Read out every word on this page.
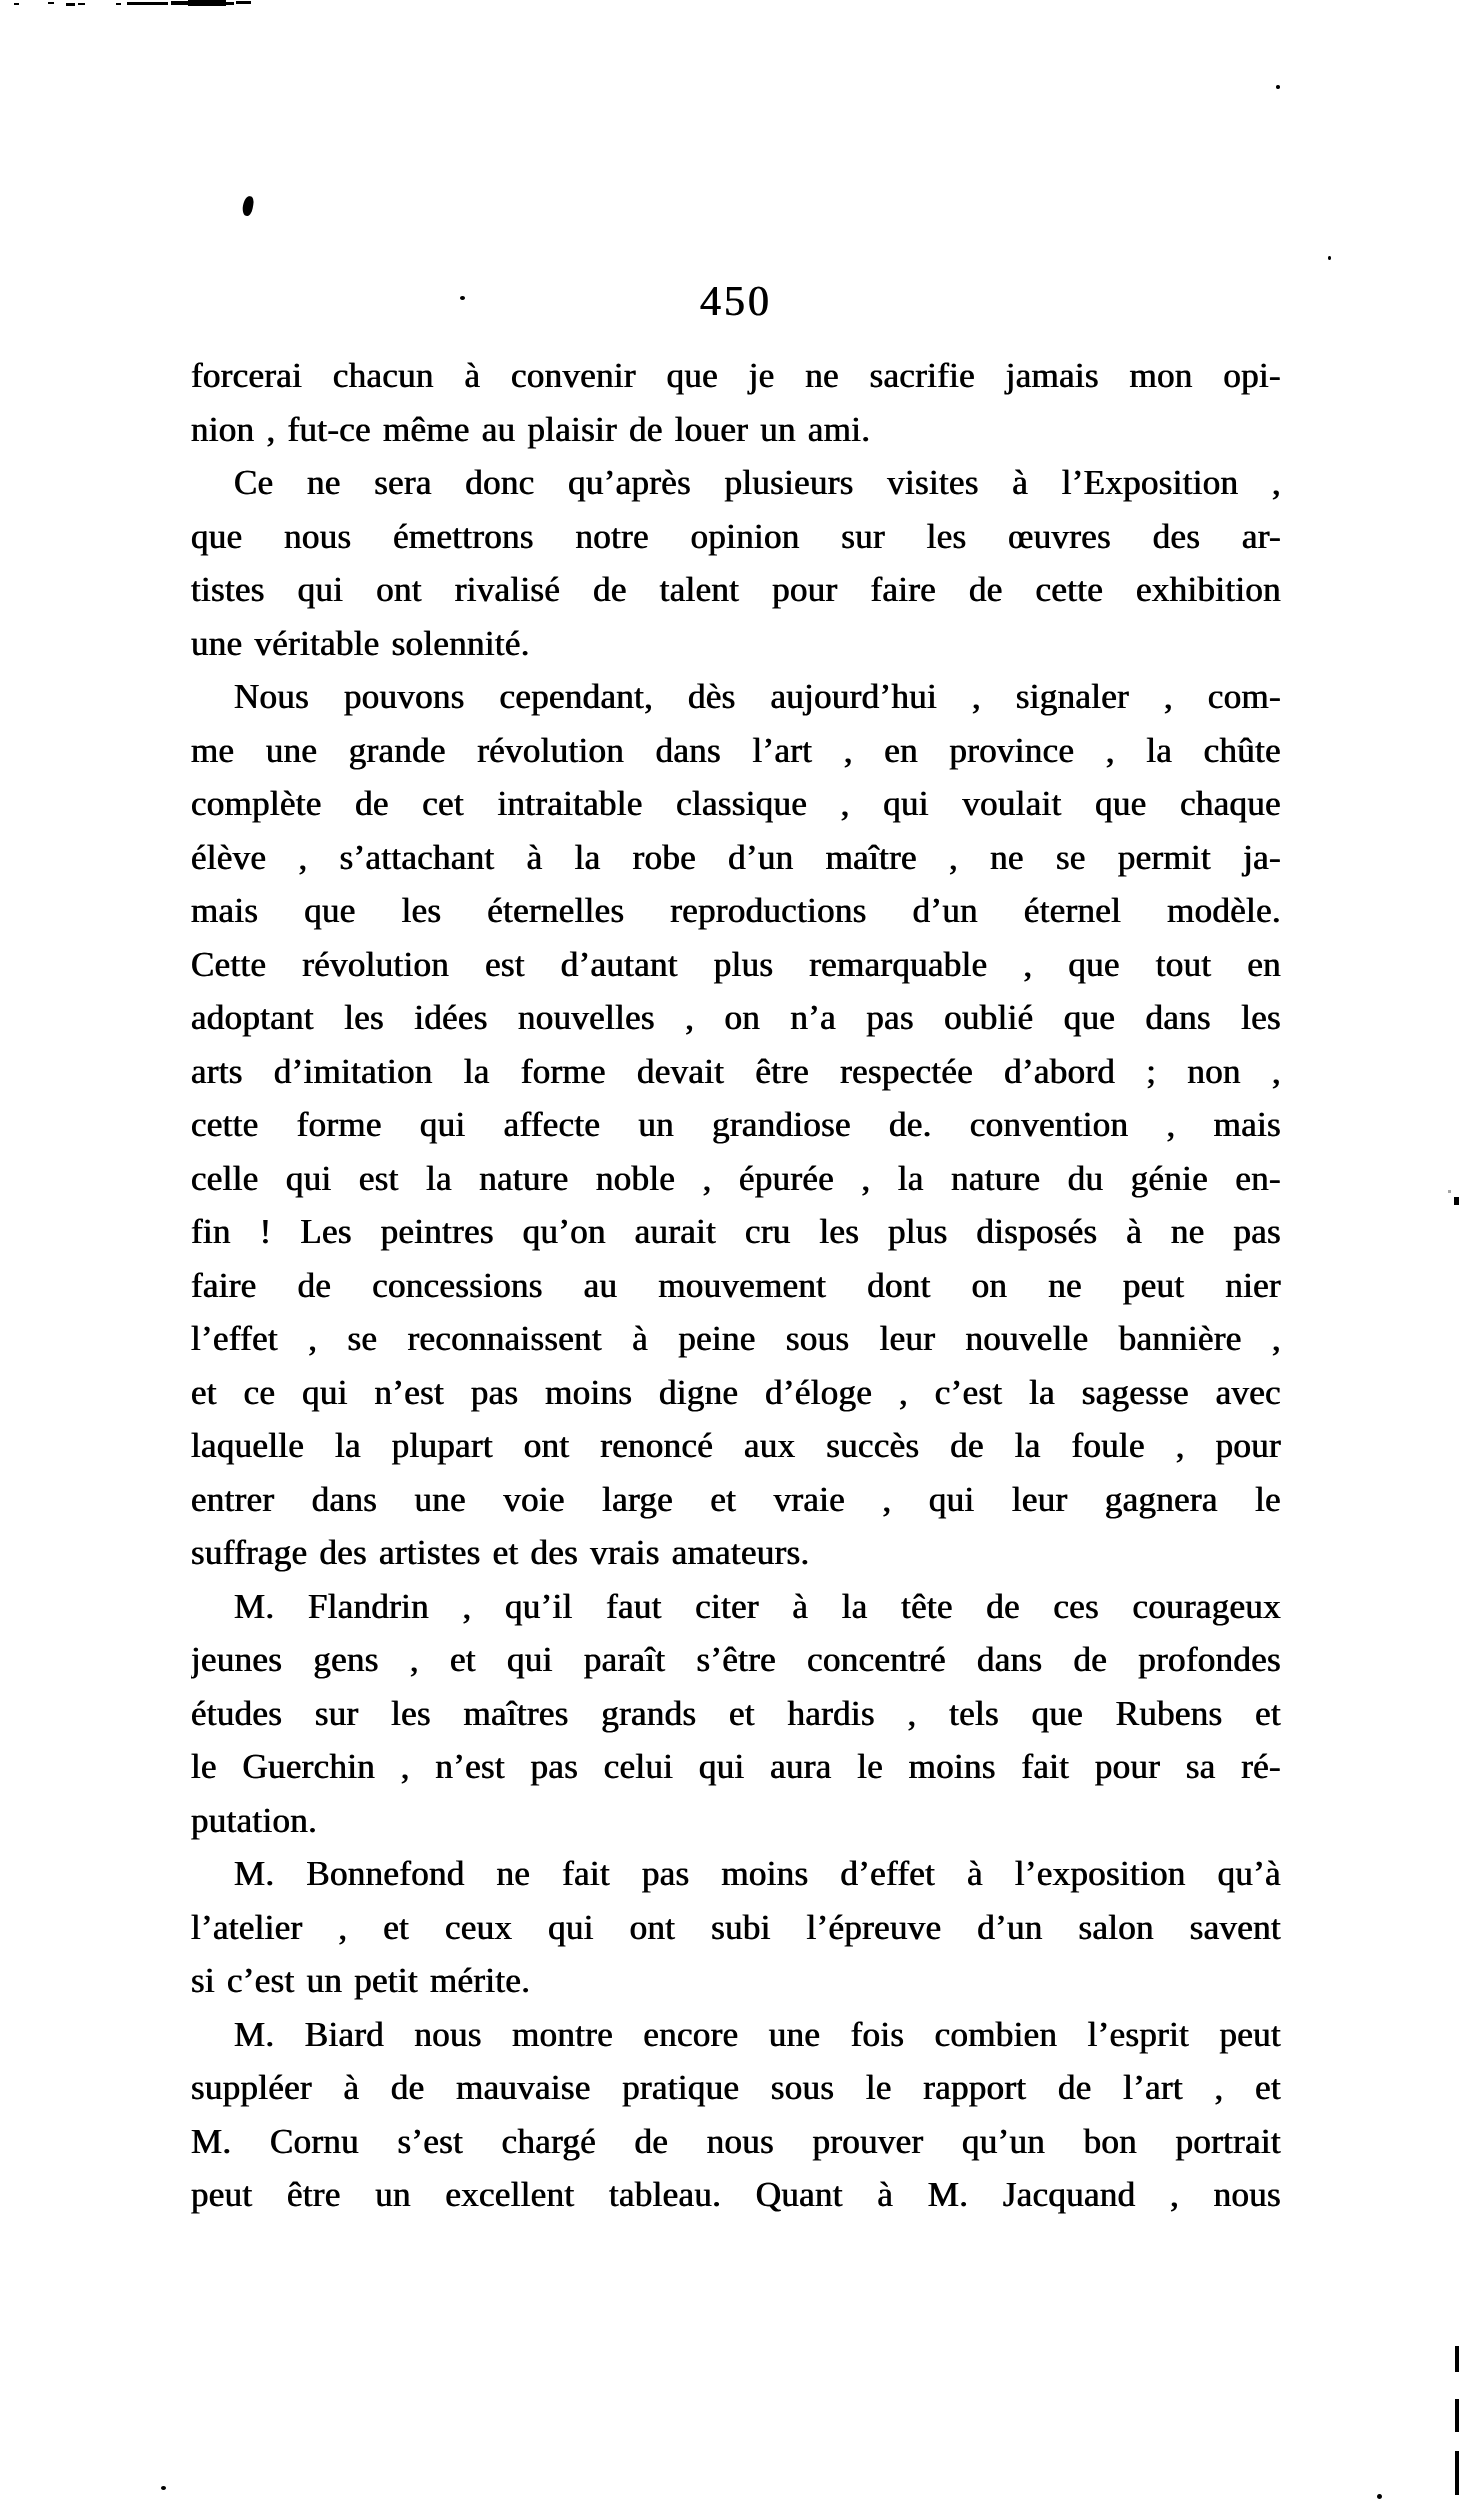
450
forcerai chacun à convenir que je ne sacrifie jamais mon opi-
nion , fut-ce même au plaisir de louer un ami.
Ce ne sera donc qu’après plusieurs visites à l’Exposition ,
que nous émettrons notre opinion sur les œuvres des ar-
tistes qui ont rivalisé de talent pour faire de cette exhibition
une véritable solennité.
Nous pouvons cependant, dès aujourd’hui , signaler , com-
me une grande révolution dans l’art , en province , la chûte
complète de cet intraitable classique , qui voulait que chaque
élève , s’attachant à la robe d’un maître , ne se permit ja-
mais que les éternelles reproductions d’un éternel modèle.
Cette révolution est d’autant plus remarquable , que tout en
adoptant les idées nouvelles , on n’a pas oublié que dans les
arts d’imitation la forme devait être respectée d’abord ; non ,
cette forme qui affecte un grandiose de. convention , mais
celle qui est la nature noble , épurée , la nature du génie en-
fin ! Les peintres qu’on aurait cru les plus disposés à ne pas
faire de concessions au mouvement dont on ne peut nier
l’effet , se reconnaissent à peine sous leur nouvelle bannière ,
et ce qui n’est pas moins digne d’éloge , c’est la sagesse avec
laquelle la plupart ont renoncé aux succès de la foule , pour
entrer dans une voie large et vraie , qui leur gagnera le
suffrage des artistes et des vrais amateurs.
M. Flandrin , qu’il faut citer à la tête de ces courageux
jeunes gens , et qui paraît s’être concentré dans de profondes
études sur les maîtres grands et hardis , tels que Rubens et
le Guerchin , n’est pas celui qui aura le moins fait pour sa ré-
putation.
M. Bonnefond ne fait pas moins d’effet à l’exposition qu’à
l’atelier , et ceux qui ont subi l’épreuve d’un salon savent
si c’est un petit mérite.
M. Biard nous montre encore une fois combien l’esprit peut
suppléer à de mauvaise pratique sous le rapport de l’art , et
M. Cornu s’est chargé de nous prouver qu’un bon portrait
peut être un excellent tableau. Quant à M. Jacquand , nous
